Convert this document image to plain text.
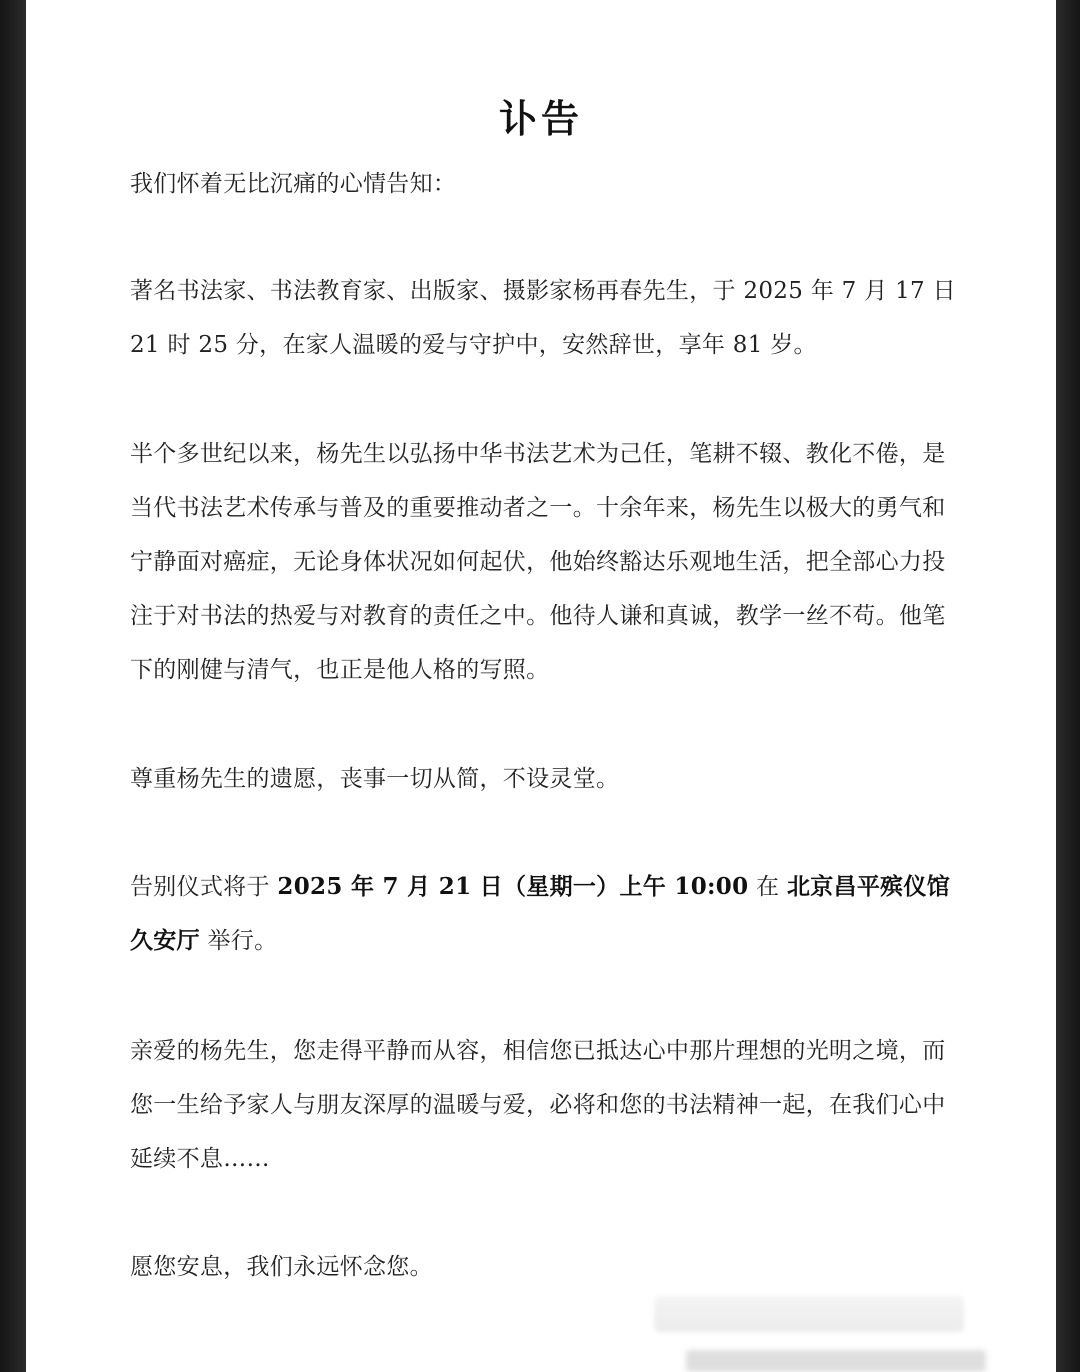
讣告

我们怀着无比沉痛的心情告知：

著名书法家、书法教育家、出版家、摄影家杨再春先生，于 2025 年 7 月 17 日 21 时 25 分，在家人温暖的爱与守护中，安然辞世，享年 81 岁。

半个多世纪以来，杨先生以弘扬中华书法艺术为己任，笔耕不辍、教化不倦，是当代书法艺术传承与普及的重要推动者之一。十余年来，杨先生以极大的勇气和宁静面对癌症，无论身体状况如何起伏，他始终豁达乐观地生活，把全部心力投注于对书法的热爱与对教育的责任之中。他待人谦和真诚，教学一丝不苟。他笔下的刚健与清气，也正是他人格的写照。

尊重杨先生的遗愿，丧事一切从简，不设灵堂。

告别仪式将于 2025 年 7 月 21 日（星期一）上午 10:00 在 北京昌平殡仪馆久安厅 举行。

亲爱的杨先生，您走得平静而从容，相信您已抵达心中那片理想的光明之境，而您一生给予家人与朋友深厚的温暖与爱，必将和您的书法精神一起，在我们心中延续不息……

愿您安息，我们永远怀念您。
